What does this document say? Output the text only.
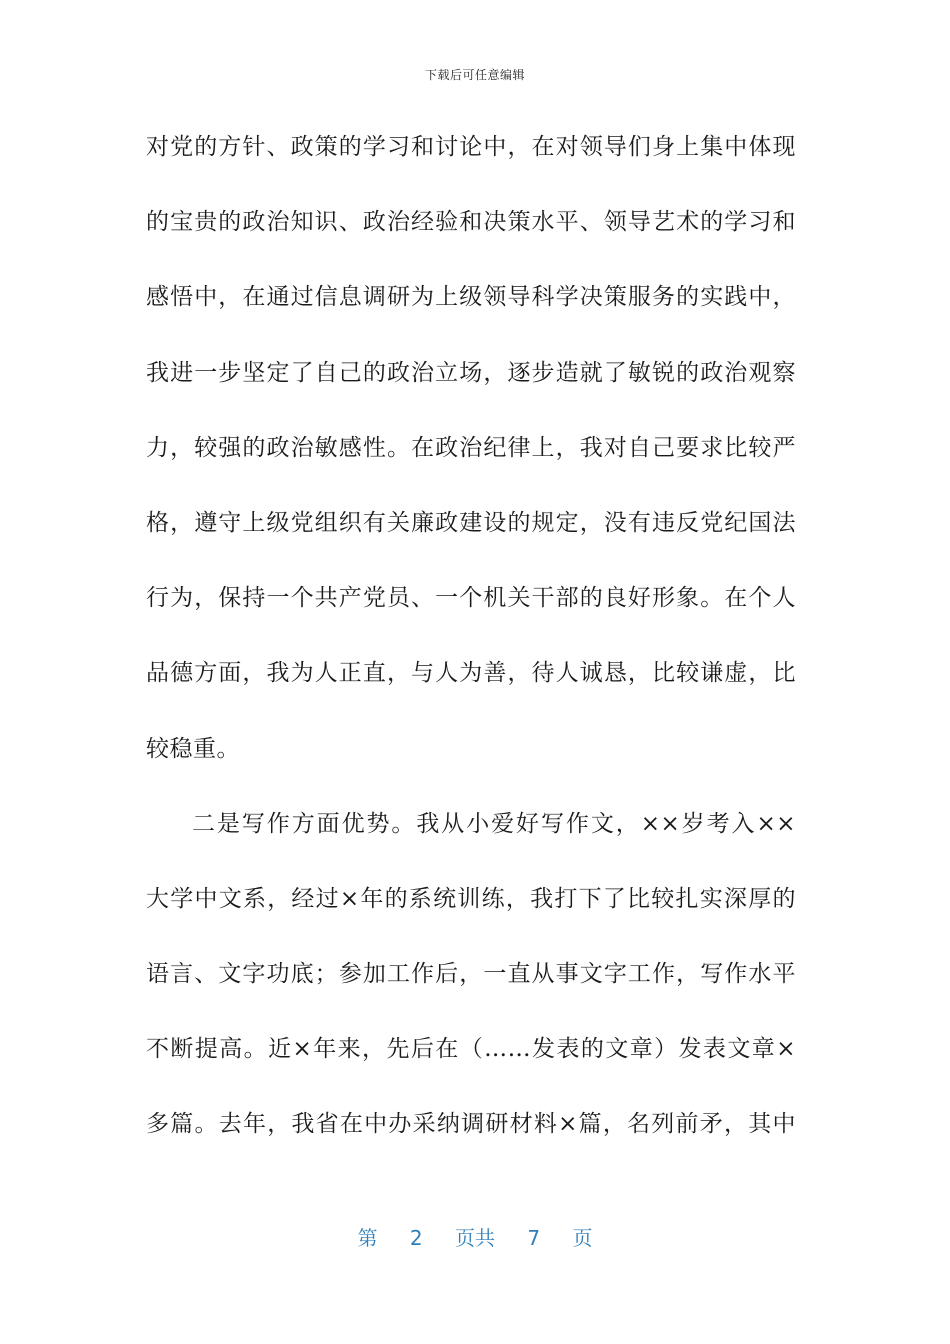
下载后可任意编辑
对党的方针、政策的学习和讨论中，在对领导们身上集中体现
的宝贵的政治知识、政治经验和决策水平、领导艺术的学习和
感悟中，在通过信息调研为上级领导科学决策服务的实践中，
我进一步坚定了自己的政治立场，逐步造就了敏锐的政治观察
力，较强的政治敏感性。在政治纪律上，我对自己要求比较严
格，遵守上级党组织有关廉政建设的规定，没有违反党纪国法
行为，保持一个共产党员、一个机关干部的良好形象。在个人
品德方面，我为人正直，与人为善，待人诚恳，比较谦虚，比
较稳重。
二是写作方面优势。我从小爱好写作文，××岁考入××
大学中文系，经过×年的系统训练，我打下了比较扎实深厚的
语言、文字功底；参加工作后，一直从事文字工作，写作水平
不断提高。近×年来，先后在（……发表的文章）发表文章×
多篇。去年，我省在中办采纳调研材料×篇，名列前矛，其中
第 2 页共 7 页
